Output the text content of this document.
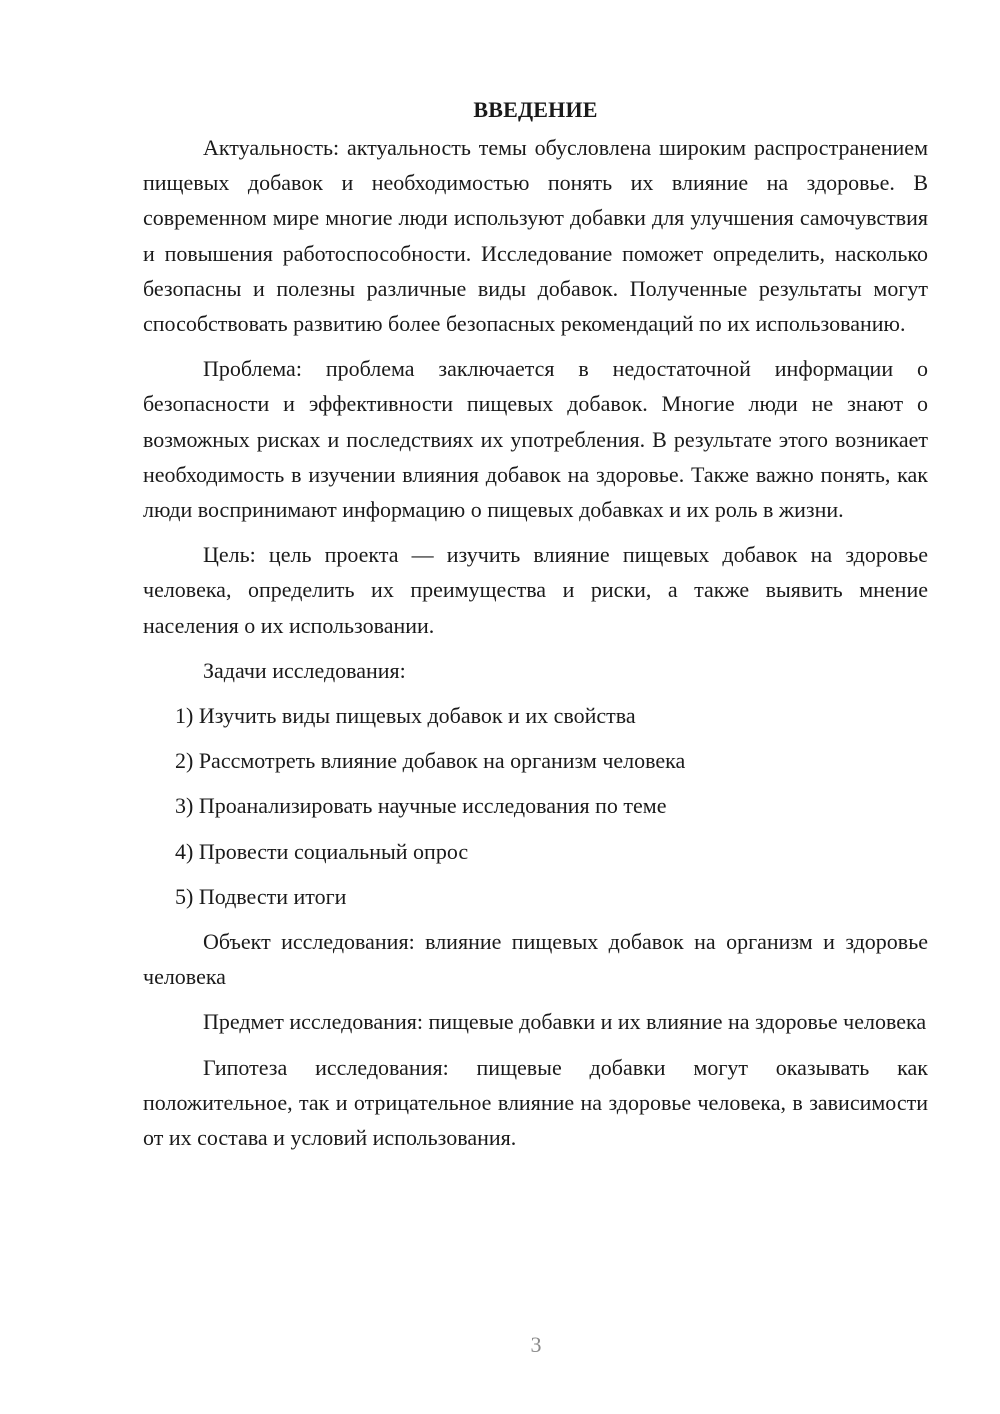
ВВЕДЕНИЕ

Актуальность: актуальность темы обусловлена широким распространением пищевых добавок и необходимостью понять их влияние на здоровье. В современном мире многие люди используют добавки для улучшения самочувствия и повышения работоспособности. Исследование поможет определить, насколько безопасны и полезны различные виды добавок. Полученные результаты могут способствовать развитию более безопасных рекомендаций по их использованию.

Проблема: проблема заключается в недостаточной информации о безопасности и эффективности пищевых добавок. Многие люди не знают о возможных рисках и последствиях их употребления. В результате этого возникает необходимость в изучении влияния добавок на здоровье. Также важно понять, как люди воспринимают информацию о пищевых добавках и их роль в жизни.

Цель: цель проекта — изучить влияние пищевых добавок на здоровье человека, определить их преимущества и риски, а также выявить мнение населения о их использовании.

Задачи исследования:

1) Изучить виды пищевых добавок и их свойства

2) Рассмотреть влияние добавок на организм человека

3) Проанализировать научные исследования по теме

4) Провести социальный опрос

5) Подвести итоги

Объект исследования: влияние пищевых добавок на организм и здоровье человека

Предмет исследования: пищевые добавки и их влияние на здоровье человека

Гипотеза исследования: пищевые добавки могут оказывать как положительное, так и отрицательное влияние на здоровье человека, в зависимости от их состава и условий использования.

3
